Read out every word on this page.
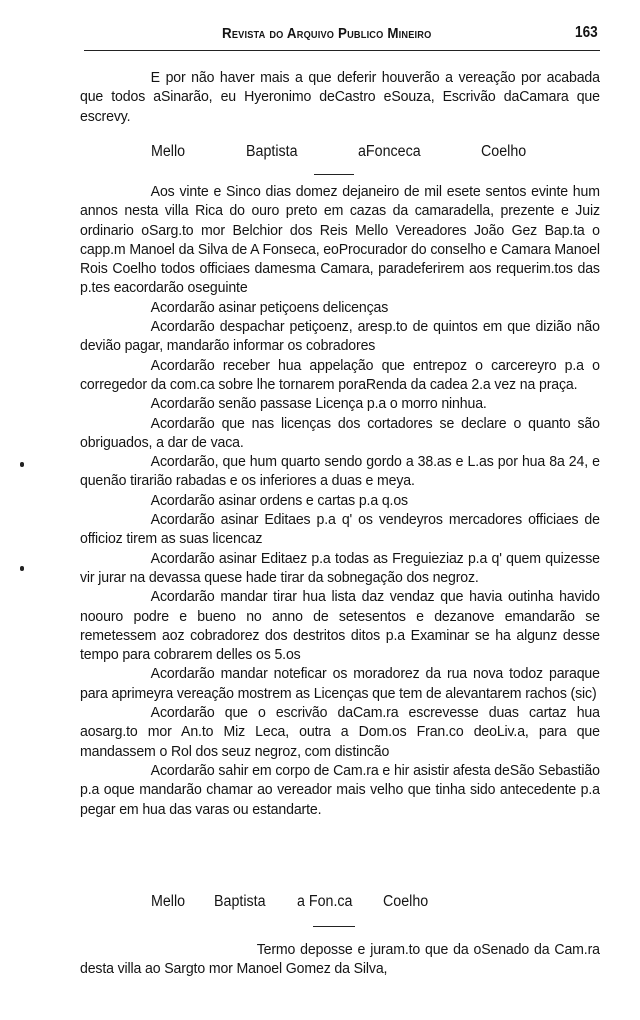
Revista do Arquivo Publico Mineiro	163

E por não haver mais a que deferir houverão a vereação por acabada que todos aSinarão, eu Hyeronimo deCastro eSouza, Escrivão daCamara que escrevy.

Mello	Baptista	aFonceca	Coelho

Aos vinte e Sinco dias domez dejaneiro de mil esete sentos evinte hum annos nesta villa Rica do ouro preto em cazas da camaradella, prezente e Juiz ordinario oSarg.to mor Belchior dos Reis Mello Vereadores João Gez Bap.ta o capp.m Manoel da Silva de A Fonseca, eoProcurador do conselho e Camara Manoel Rois Coelho todos officiaes damesma Camara, paradeferirem aos requerim.tos das p.tes eacordarão oseguinte

Acordarão asinar petiçoens delicenças

Acordarão despachar petiçoenz, aresp.to de quintos em que dizião não devião pagar, mandarão informar os cobradores

Acordarão receber hua appelação que entrepoz o carcereyro p.a o corregedor da com.ca sobre lhe tornarem poraRenda da cadea 2.a vez na praça.

Acordarão senão passase Licença p.a o morro ninhua.

Acordarão que nas licenças dos cortadores se declare o quanto são obriguados, a dar de vaca.

Acordarão, que hum quarto sendo gordo a 38.as e L.as por hua 8a 24, e quenão tirarião rabadas e os inferiores a duas e meya.

Acordarão asinar ordens e cartas p.a q.os

Acordarão asinar Editaes p.a q' os vendeyros mercadores officiaes de officioz tirem as suas licencaz

Acordarão asinar Editaez p.a todas as Freguieziaz p.a q' quem quizesse vir jurar na devassa quese hade tirar da sobnegação dos negroz.

Acordarão mandar tirar hua lista daz vendaz que havia outinha havido noouro podre e bueno no anno de setesentos e dezanove emandarão se remetessem aoz cobradorez dos destritos ditos p.a Examinar se ha algunz desse tempo para cobrarem delles os 5.os

Acordarão mandar noteficar os moradorez da rua nova todoz paraque para aprimeyra vereação mostrem as Licenças que tem de alevantarem rachos (sic)

Acordarão que o escrivão daCam.ra escrevesse duas cartaz hua aosarg.to mor An.to Miz Leca, outra a Dom.os Fran.co deoLiv.a, para que mandassem o Rol dos seuz negroz, com distincão

Acordarão sahir em corpo de Cam.ra e hir asistir afesta deSão Sebastião p.a oque mandarão chamar ao vereador mais velho que tinha sido antecedente p.a pegar em hua das varas ou estandarte.

Mello Baptista a Fon.ca Coelho

Termo deposse e juram.to que da oSenado da Cam.ra desta villa ao Sargto mor Manoel Gomez da Silva,
